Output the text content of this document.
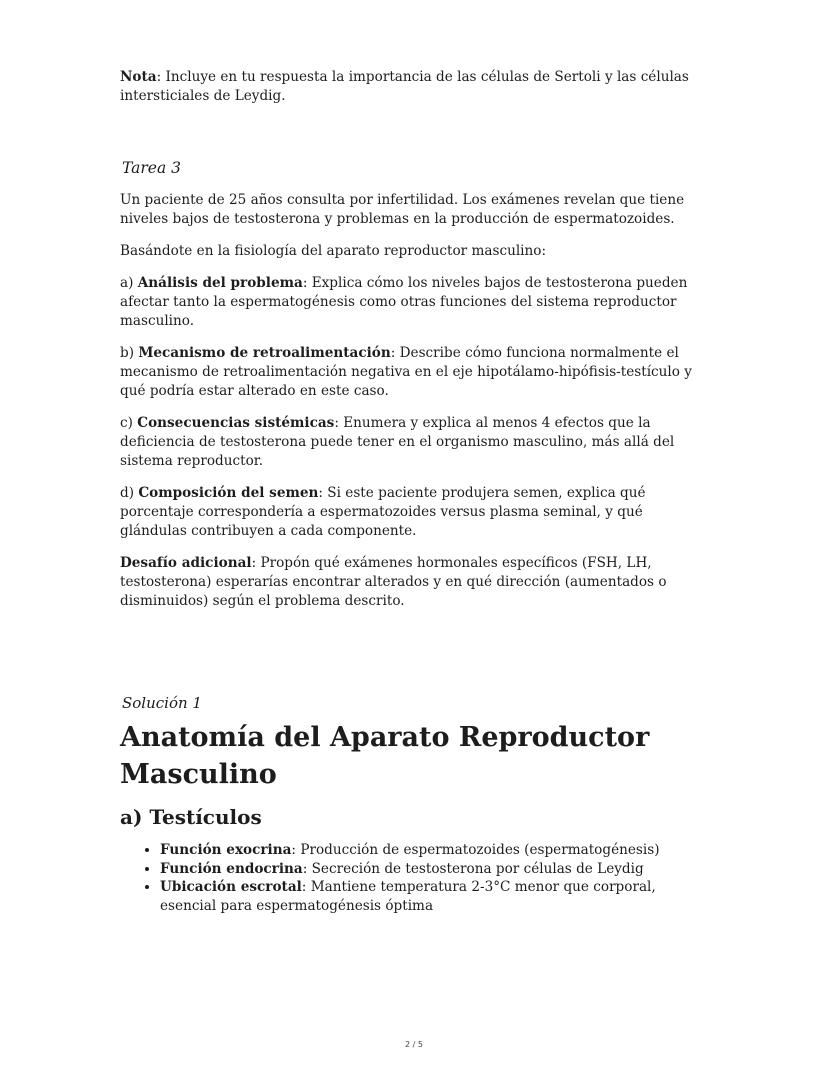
Nota: Incluye en tu respuesta la importancia de las células de Sertoli y las células intersticiales de Leydig.

Tarea 3

Un paciente de 25 años consulta por infertilidad. Los exámenes revelan que tiene niveles bajos de testosterona y problemas en la producción de espermatozoides.

Basándote en la fisiología del aparato reproductor masculino:

a) Análisis del problema: Explica cómo los niveles bajos de testosterona pueden afectar tanto la espermatogénesis como otras funciones del sistema reproductor masculino.

b) Mecanismo de retroalimentación: Describe cómo funciona normalmente el mecanismo de retroalimentación negativa en el eje hipotálamo-hipófisis-testículo y qué podría estar alterado en este caso.

c) Consecuencias sistémicas: Enumera y explica al menos 4 efectos que la deficiencia de testosterona puede tener en el organismo masculino, más allá del sistema reproductor.

d) Composición del semen: Si este paciente produjera semen, explica qué porcentaje correspondería a espermatozoides versus plasma seminal, y qué glándulas contribuyen a cada componente.

Desafío adicional: Propón qué exámenes hormonales específicos (FSH, LH, testosterona) esperarías encontrar alterados y en qué dirección (aumentados o disminuidos) según el problema descrito.

Solución 1
Anatomía del Aparato Reproductor Masculino
a) Testículos
• Función exocrina: Producción de espermatozoides (espermatogénesis)
• Función endocrina: Secreción de testosterona por células de Leydig
• Ubicación escrotal: Mantiene temperatura 2-3°C menor que corporal, esencial para espermatogénesis óptima
2 / 5
